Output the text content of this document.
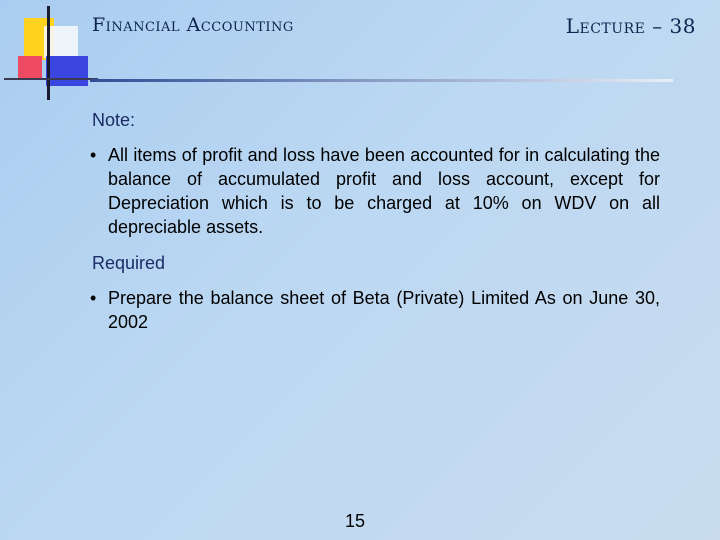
Financial Accounting	Lecture – 38

Note:

• All items of profit and loss have been accounted for in calculating the balance of accumulated profit and loss account, except for Depreciation which is to be charged at 10% on WDV on all depreciable assets.

Required

• Prepare the balance sheet of Beta (Private) Limited As on June 30, 2002
15
